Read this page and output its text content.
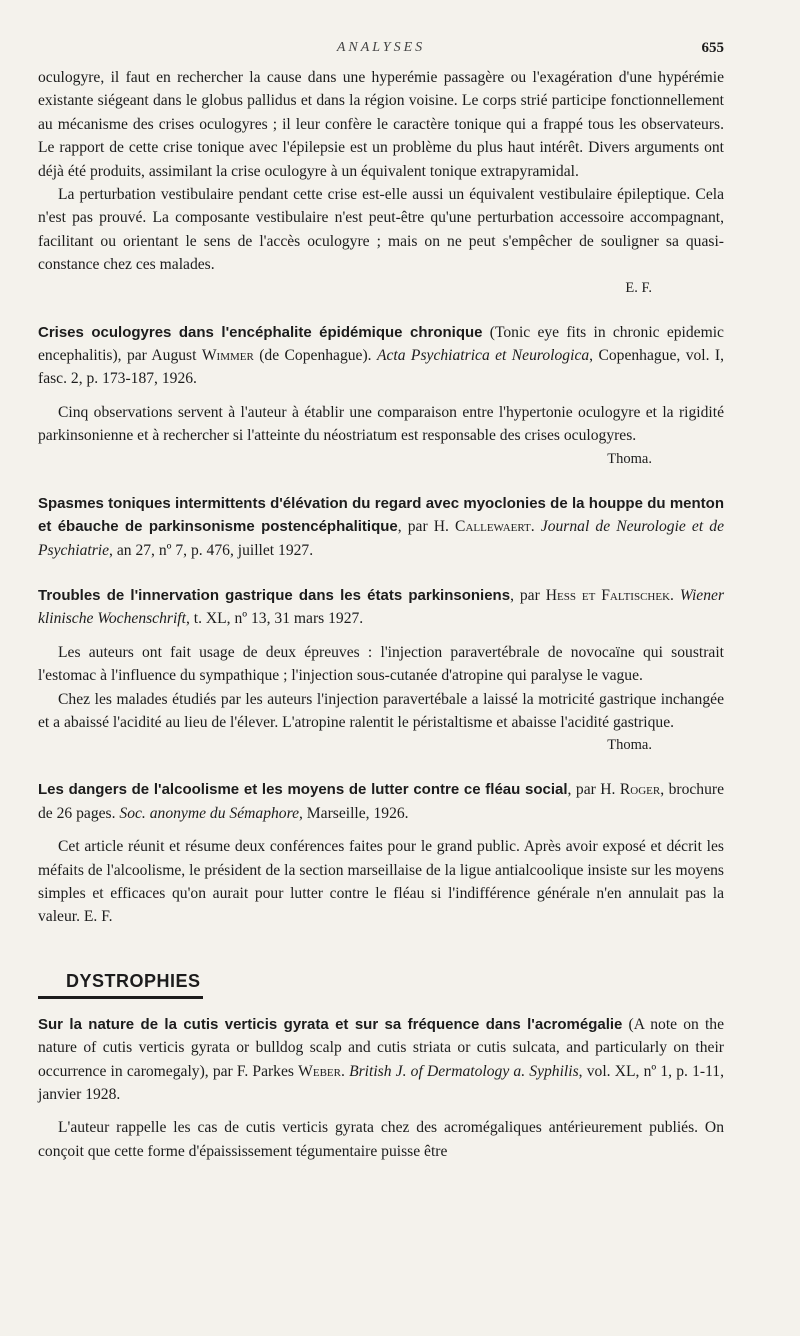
ANALYSES	655

oculogyre, il faut en rechercher la cause dans une hyperémie passagère ou l'exagération d'une hypérémie existante siégeant dans le globus pallidus et dans la région voisine. Le corps strié participe fonctionnellement au mécanisme des crises oculogyres ; il leur confère le caractère tonique qui a frappé tous les observateurs. Le rapport de cette crise tonique avec l'épilepsie est un problème du plus haut intérêt. Divers arguments ont déjà été produits, assimilant la crise oculogyre à un équivalent tonique extrapyramidal.

La perturbation vestibulaire pendant cette crise est-elle aussi un équivalent vestibulaire épileptique. Cela n'est pas prouvé. La composante vestibulaire n'est peut-être qu'une perturbation accessoire accompagnant, facilitant ou orientant le sens de l'accès oculogyre ; mais on ne peut s'empêcher de souligner sa quasi-constance chez ces malades.

E. F.

Crises oculogyres dans l'encéphalite épidémique chronique (Tonic eye fits in chronic epidemic encephalitis), par August Wimmer (de Copenhague). Acta Psychiatrica et Neurologica, Copenhague, vol. I, fasc. 2, p. 173-187, 1926.

Cinq observations servent à l'auteur à établir une comparaison entre l'hypertonie oculogyre et la rigidité parkinsonienne et à rechercher si l'atteinte du néostriatum est responsable des crises oculogyres.

Thoma.

Spasmes toniques intermittents d'élévation du regard avec myoclonies de la houppe du menton et ébauche de parkinsonisme postencéphalitique, par H. Callewaert. Journal de Neurologie et de Psychiatrie, an 27, nº 7, p. 476, juillet 1927.

Troubles de l'innervation gastrique dans les états parkinsoniens, par Hess et Faltischek. Wiener klinische Wochenschrift, t. XL, nº 13, 31 mars 1927.

Les auteurs ont fait usage de deux épreuves : l'injection paravertébrale de novocaïne qui soustrait l'estomac à l'influence du sympathique ; l'injection sous-cutanée d'atropine qui paralyse le vague.

Chez les malades étudiés par les auteurs l'injection paravertébale a laissé la motricité gastrique inchangée et a abaissé l'acidité au lieu de l'élever. L'atropine ralentit le péristaltisme et abaisse l'acidité gastrique.

Thoma.

Les dangers de l'alcoolisme et les moyens de lutter contre ce fléau social, par H. Roger, brochure de 26 pages. Soc. anonyme du Sémaphore, Marseille, 1926.

Cet article réunit et résume deux conférences faites pour le grand public. Après avoir exposé et décrit les méfaits de l'alcoolisme, le président de la section marseillaise de la ligue antialcoolique insiste sur les moyens simples et efficaces qu'on aurait pour lutter contre le fléau si l'indifférence générale n'en annulait pas la valeur. E. F.

DYSTROPHIES

Sur la nature de la cutis verticis gyrata et sur sa fréquence dans l'acromégalie (A note on the nature of cutis verticis gyrata or bulldog scalp and cutis striata or cutis sulcata, and particularly on their occurrence in caromegaly), par F. Parkes Weber. British J. of Dermatology a. Syphilis, vol. XL, nº 1, p. 1-11, janvier 1928.

L'auteur rappelle les cas de cutis verticis gyrata chez des acromégaliques antérieurement publiés. On conçoit que cette forme d'épaississement tégumentaire puisse être
